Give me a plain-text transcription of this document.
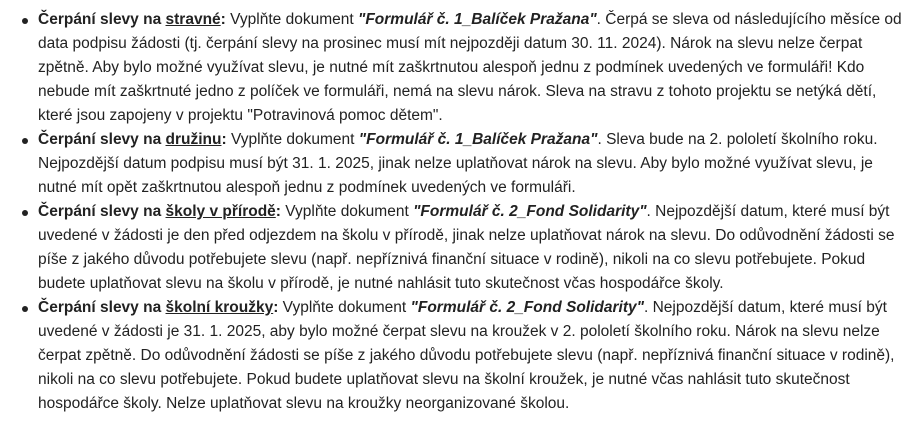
Čerpání slevy na stravné: Vyplňte dokument "Formulář č. 1_Balíček Pražana". Čerpá se sleva od následujícího měsíce od data podpisu žádosti (tj. čerpání slevy na prosinec musí mít nejpozději datum 30. 11. 2024). Nárok na slevu nelze čerpat zpětně. Aby bylo možné využívat slevu, je nutné mít zaškrtnutou alespoň jednu z podmínek uvedených ve formuláři! Kdo nebude mít zaškrtnuté jedno z políček ve formuláři, nemá na slevu nárok. Sleva na stravu z tohoto projektu se netýká dětí, které jsou zapojeny v projektu "Potravinová pomoc dětem".
Čerpání slevy na družinu: Vyplňte dokument "Formulář č. 1_Balíček Pražana". Sleva bude na 2. pololetí školního roku. Nejpozdější datum podpisu musí být 31. 1. 2025, jinak nelze uplatňovat nárok na slevu. Aby bylo možné využívat slevu, je nutné mít opět zaškrtnutou alespoň jednu z podmínek uvedených ve formuláři.
Čerpání slevy na školy v přírodě: Vyplňte dokument "Formulář č. 2_Fond Solidarity". Nejpozdější datum, které musí být uvedené v žádosti je den před odjezdem na školu v přírodě, jinak nelze uplatňovat nárok na slevu. Do odůvodnění žádosti se píše z jakého důvodu potřebujete slevu (např. nepříznivá finanční situace v rodině), nikoli na co slevu potřebujete. Pokud budete uplatňovat slevu na školu v přírodě, je nutné nahlásit tuto skutečnost včas hospodářce školy.
Čerpání slevy na školní kroužky: Vyplňte dokument "Formulář č. 2_Fond Solidarity". Nejpozdější datum, které musí být uvedené v žádosti je 31. 1. 2025, aby bylo možné čerpat slevu na kroužek v 2. pololetí školního roku. Nárok na slevu nelze čerpat zpětně. Do odůvodnění žádosti se píše z jakého důvodu potřebujete slevu (např. nepříznivá finanční situace v rodině), nikoli na co slevu potřebujete. Pokud budete uplatňovat slevu na školní kroužek, je nutné včas nahlásit tuto skutečnost hospodářce školy. Nelze uplatňovat slevu na kroužky neorganizované školou.
